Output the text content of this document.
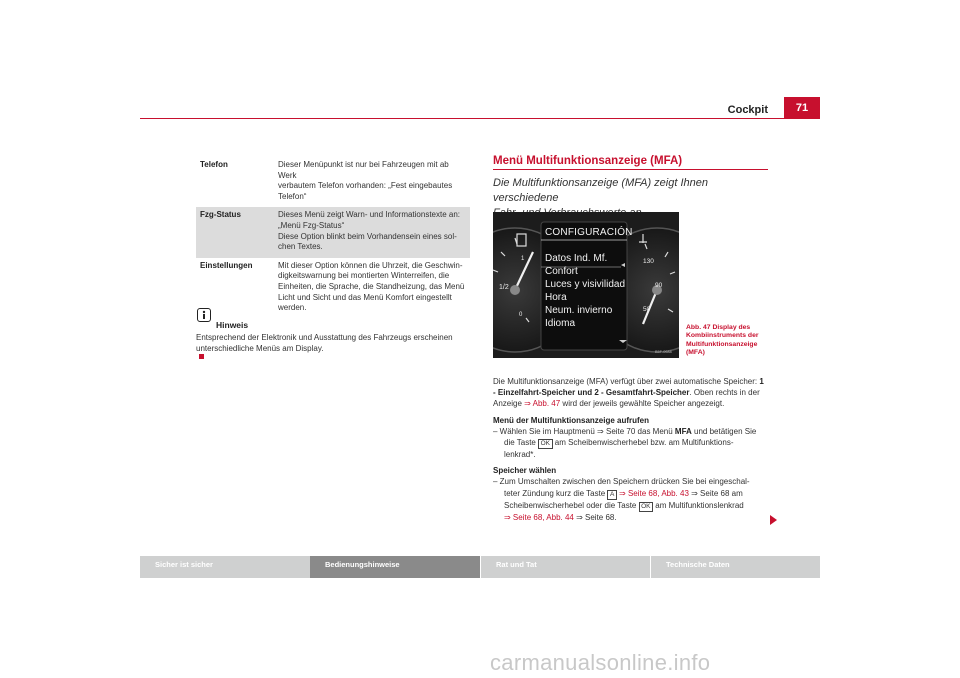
Cockpit	71
Telefon	Dieser Menüpunkt ist nur bei Fahrzeugen mit ab Werk
verbautem Telefon vorhanden: „Fest eingebautes
Telefon“
Fzg-Status	Dieses Menü zeigt Warn- und Informationstexte an:
„Menü Fzg-Status“
Diese Option blinkt beim Vorhandensein eines sol-
chen Textes.
Einstellungen	Mit dieser Option können die Uhrzeit, die Geschwin-
digkeitswarnung bei montierten Winterreifen, die
Einheiten, die Sprache, die Standheizung, das Menü
Licht und Sicht und das Menü Komfort eingestellt
werden.
Hinweis
Entsprechend der Elektronik und Ausstattung des Fahrzeugs erscheinen
unterschiedliche Menüs am Display.
Menü Multifunktionsanzeige (MFA)
Die Multifunktionsanzeige (MFA) zeigt Ihnen verschiedene
1
1/2
0
130
90
50
CONFIGURACIÓN
Datos Ind. Mf.
Confort
Luces y visivilidad
Hora
Neum. invierno
Idioma
B5F-0688
Abb. 47 Display des
Kombiinstruments der
Multifunktionsanzeige
(MFA)
Die Multifunktionsanzeige (MFA) verfügt über zwei automatische Speicher: 1
- Einzelfahrt-Speicher und 2 - Gesamtfahrt-Speicher. Oben rechts in der
Anzeige ⇒ Abb. 47 wird der jeweils gewählte Speicher angezeigt.
Menü der Multifunktionsanzeige aufrufen
– Wählen Sie im Hauptmenü ⇒ Seite 70 das Menü MFA und betätigen Sie
die Taste OK am Scheibenwischerhebel bzw. am Multifunktions-
lenkrad*.
Speicher wählen
– Zum Umschalten zwischen den Speichern drücken Sie bei eingeschal-
teter Zündung kurz die Taste A ⇒ Seite 68, Abb. 43 ⇒ Seite 68 am
Scheibenwischerhebel oder die Taste OK am Multifunktionslenkrad
⇒ Seite 68, Abb. 44 ⇒ Seite 68.
Sicher ist sicher	Bedienungshinweise	Rat und Tat	Technische Daten
carmanualsonline.info
